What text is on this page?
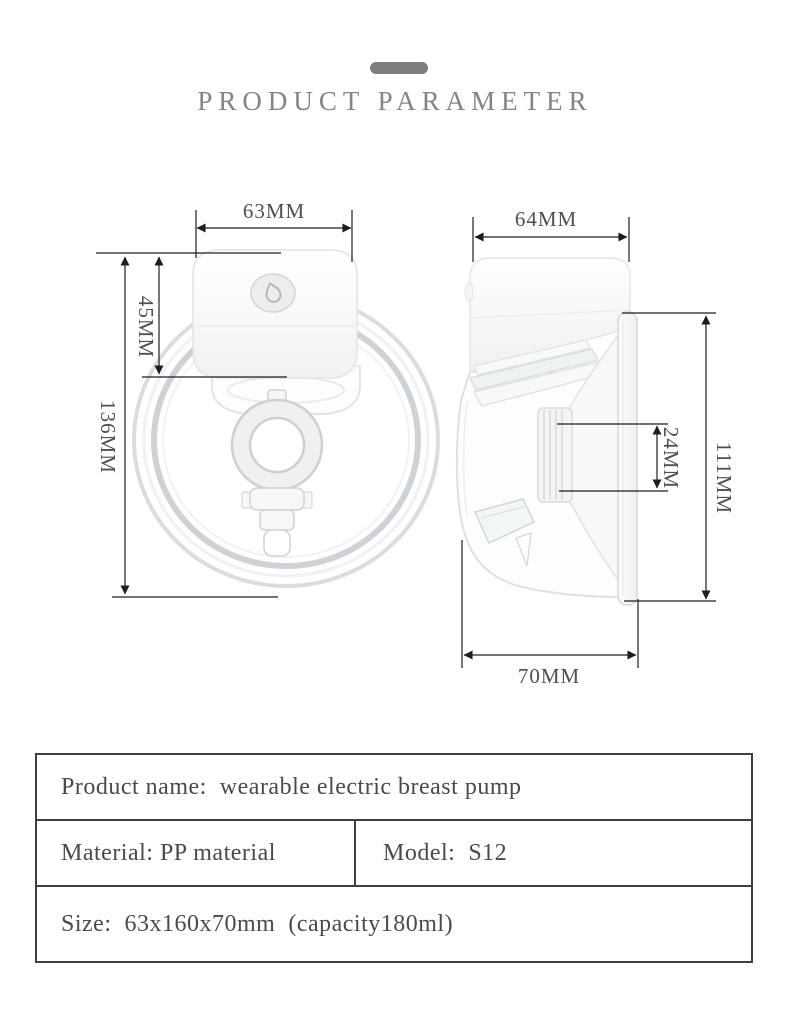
PRODUCT PARAMETER
63MM
45MM
136MM
64MM
24MM 111MM
70MM
Product name:  wearable electric breast pump
Material: PP material	Model:  S12
Size:  63x160x70mm  (capacity180ml)
